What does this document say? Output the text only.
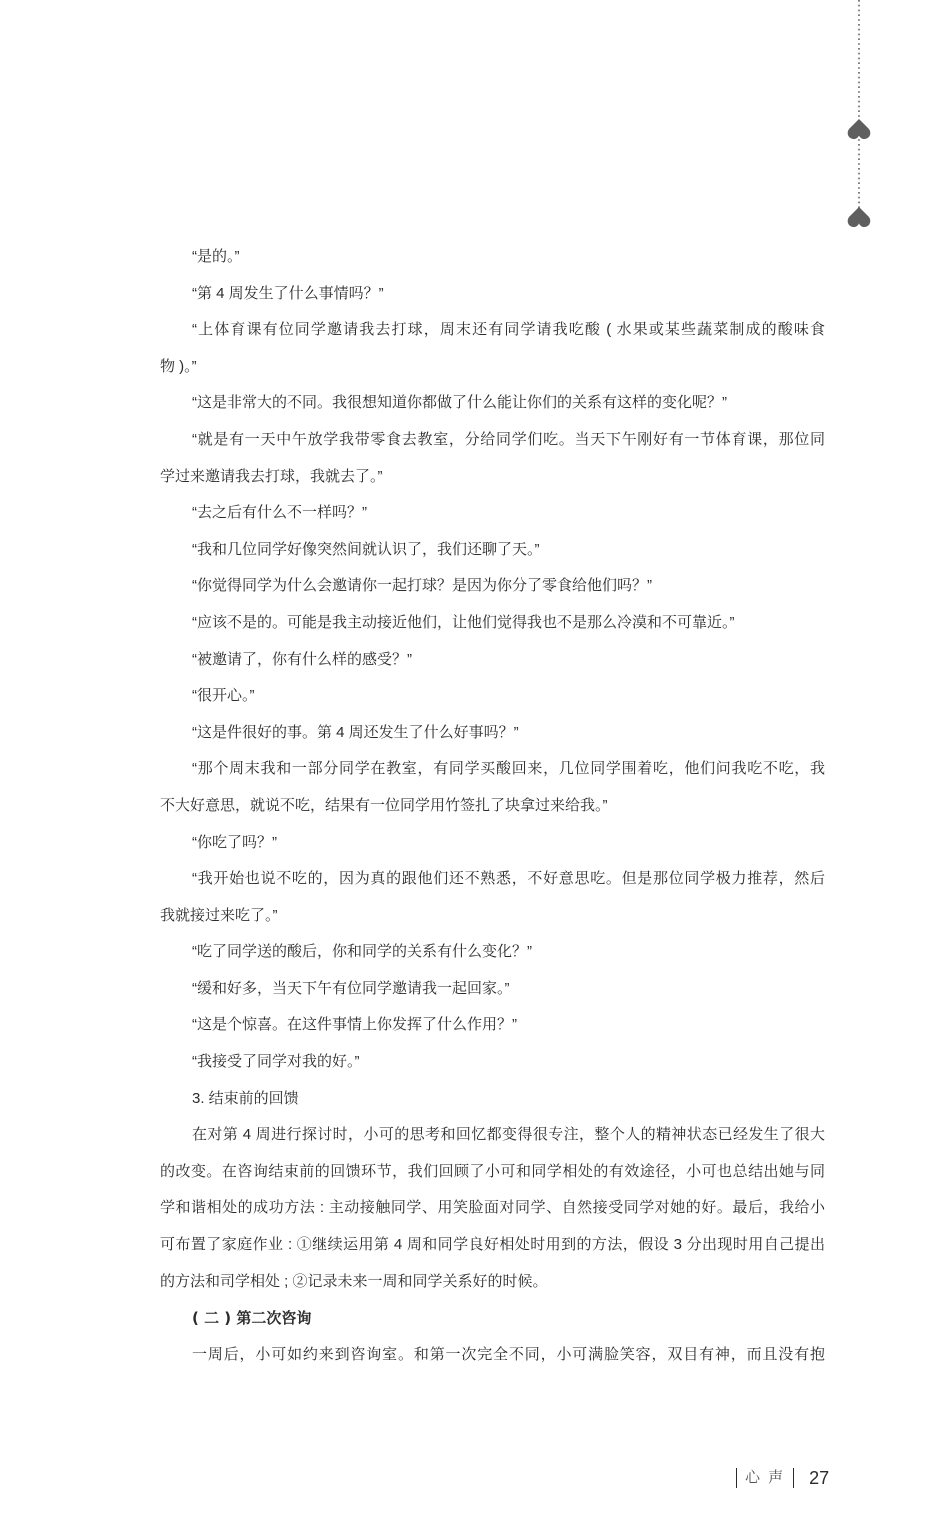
“是的。”
“第 4 周发生了什么事情吗？”
“上体育课有位同学邀请我去打球，周末还有同学请我吃酸 ( 水果或某些蔬菜制成的酸味食
物 )。”
“这是非常大的不同。我很想知道你都做了什么能让你们的关系有这样的变化呢？”
“就是有一天中午放学我带零食去教室，分给同学们吃。当天下午刚好有一节体育课，那位同
学过来邀请我去打球，我就去了。”
“去之后有什么不一样吗？”
“我和几位同学好像突然间就认识了，我们还聊了天。”
“你觉得同学为什么会邀请你一起打球？是因为你分了零食给他们吗？”
“应该不是的。可能是我主动接近他们，让他们觉得我也不是那么冷漠和不可靠近。”
“被邀请了，你有什么样的感受？”
“很开心。”
“这是件很好的事。第 4 周还发生了什么好事吗？”
“那个周末我和一部分同学在教室，有同学买酸回来，几位同学围着吃，他们问我吃不吃，我
不大好意思，就说不吃，结果有一位同学用竹签扎了块拿过来给我。”
“你吃了吗？”
“我开始也说不吃的，因为真的跟他们还不熟悉，不好意思吃。但是那位同学极力推荐，然后
我就接过来吃了。”
“吃了同学送的酸后，你和同学的关系有什么变化？”
“缓和好多，当天下午有位同学邀请我一起回家。”
“这是个惊喜。在这件事情上你发挥了什么作用？”
“我接受了同学对我的好。”
3. 结束前的回馈
在对第 4 周进行探讨时，小可的思考和回忆都变得很专注，整个人的精神状态已经发生了很大
的改变。在咨询结束前的回馈环节，我们回顾了小可和同学相处的有效途径，小可也总结出她与同
学和谐相处的成功方法 : 主动接触同学、用笑脸面对同学、自然接受同学对她的好。最后，我给小
可布置了家庭作业 : ①继续运用第 4 周和同学良好相处时用到的方法，假设 3 分出现时用自己提出
的方法和司学相处 ; ②记录未来一周和同学关系好的时候。
( 二 ) 第二次咨询
一周后，小可如约来到咨询室。和第一次完全不同，小可满脸笑容，双目有神，而且没有抱
心 声	27
